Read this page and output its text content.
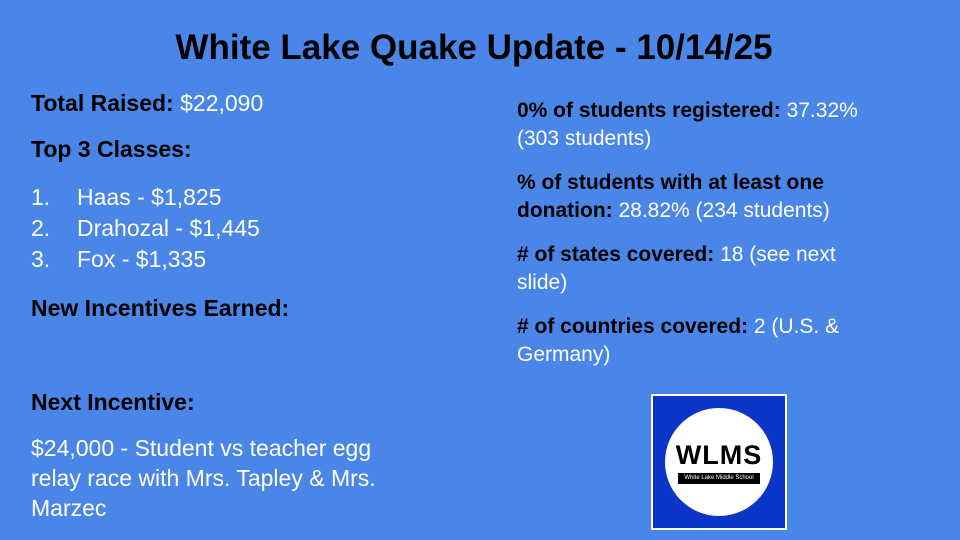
White Lake Quake Update - 10/14/25

Total Raised: $22,090

Top 3 Classes:

1.	Haas - $1,825
2.	Drahozal - $1,445
3.	Fox - $1,335

New Incentives Earned:

Next Incentive:

$24,000 - Student vs teacher egg

relay race with Mrs. Tapley & Mrs.

Marzec

0% of students registered: 37.32%

(303 students)

% of students with at least one

donation: 28.82% (234 students)

# of states covered: 18 (see next

slide)

# of countries covered: 2 (U.S. &

Germany)

WLMS
White Lake Middle School
